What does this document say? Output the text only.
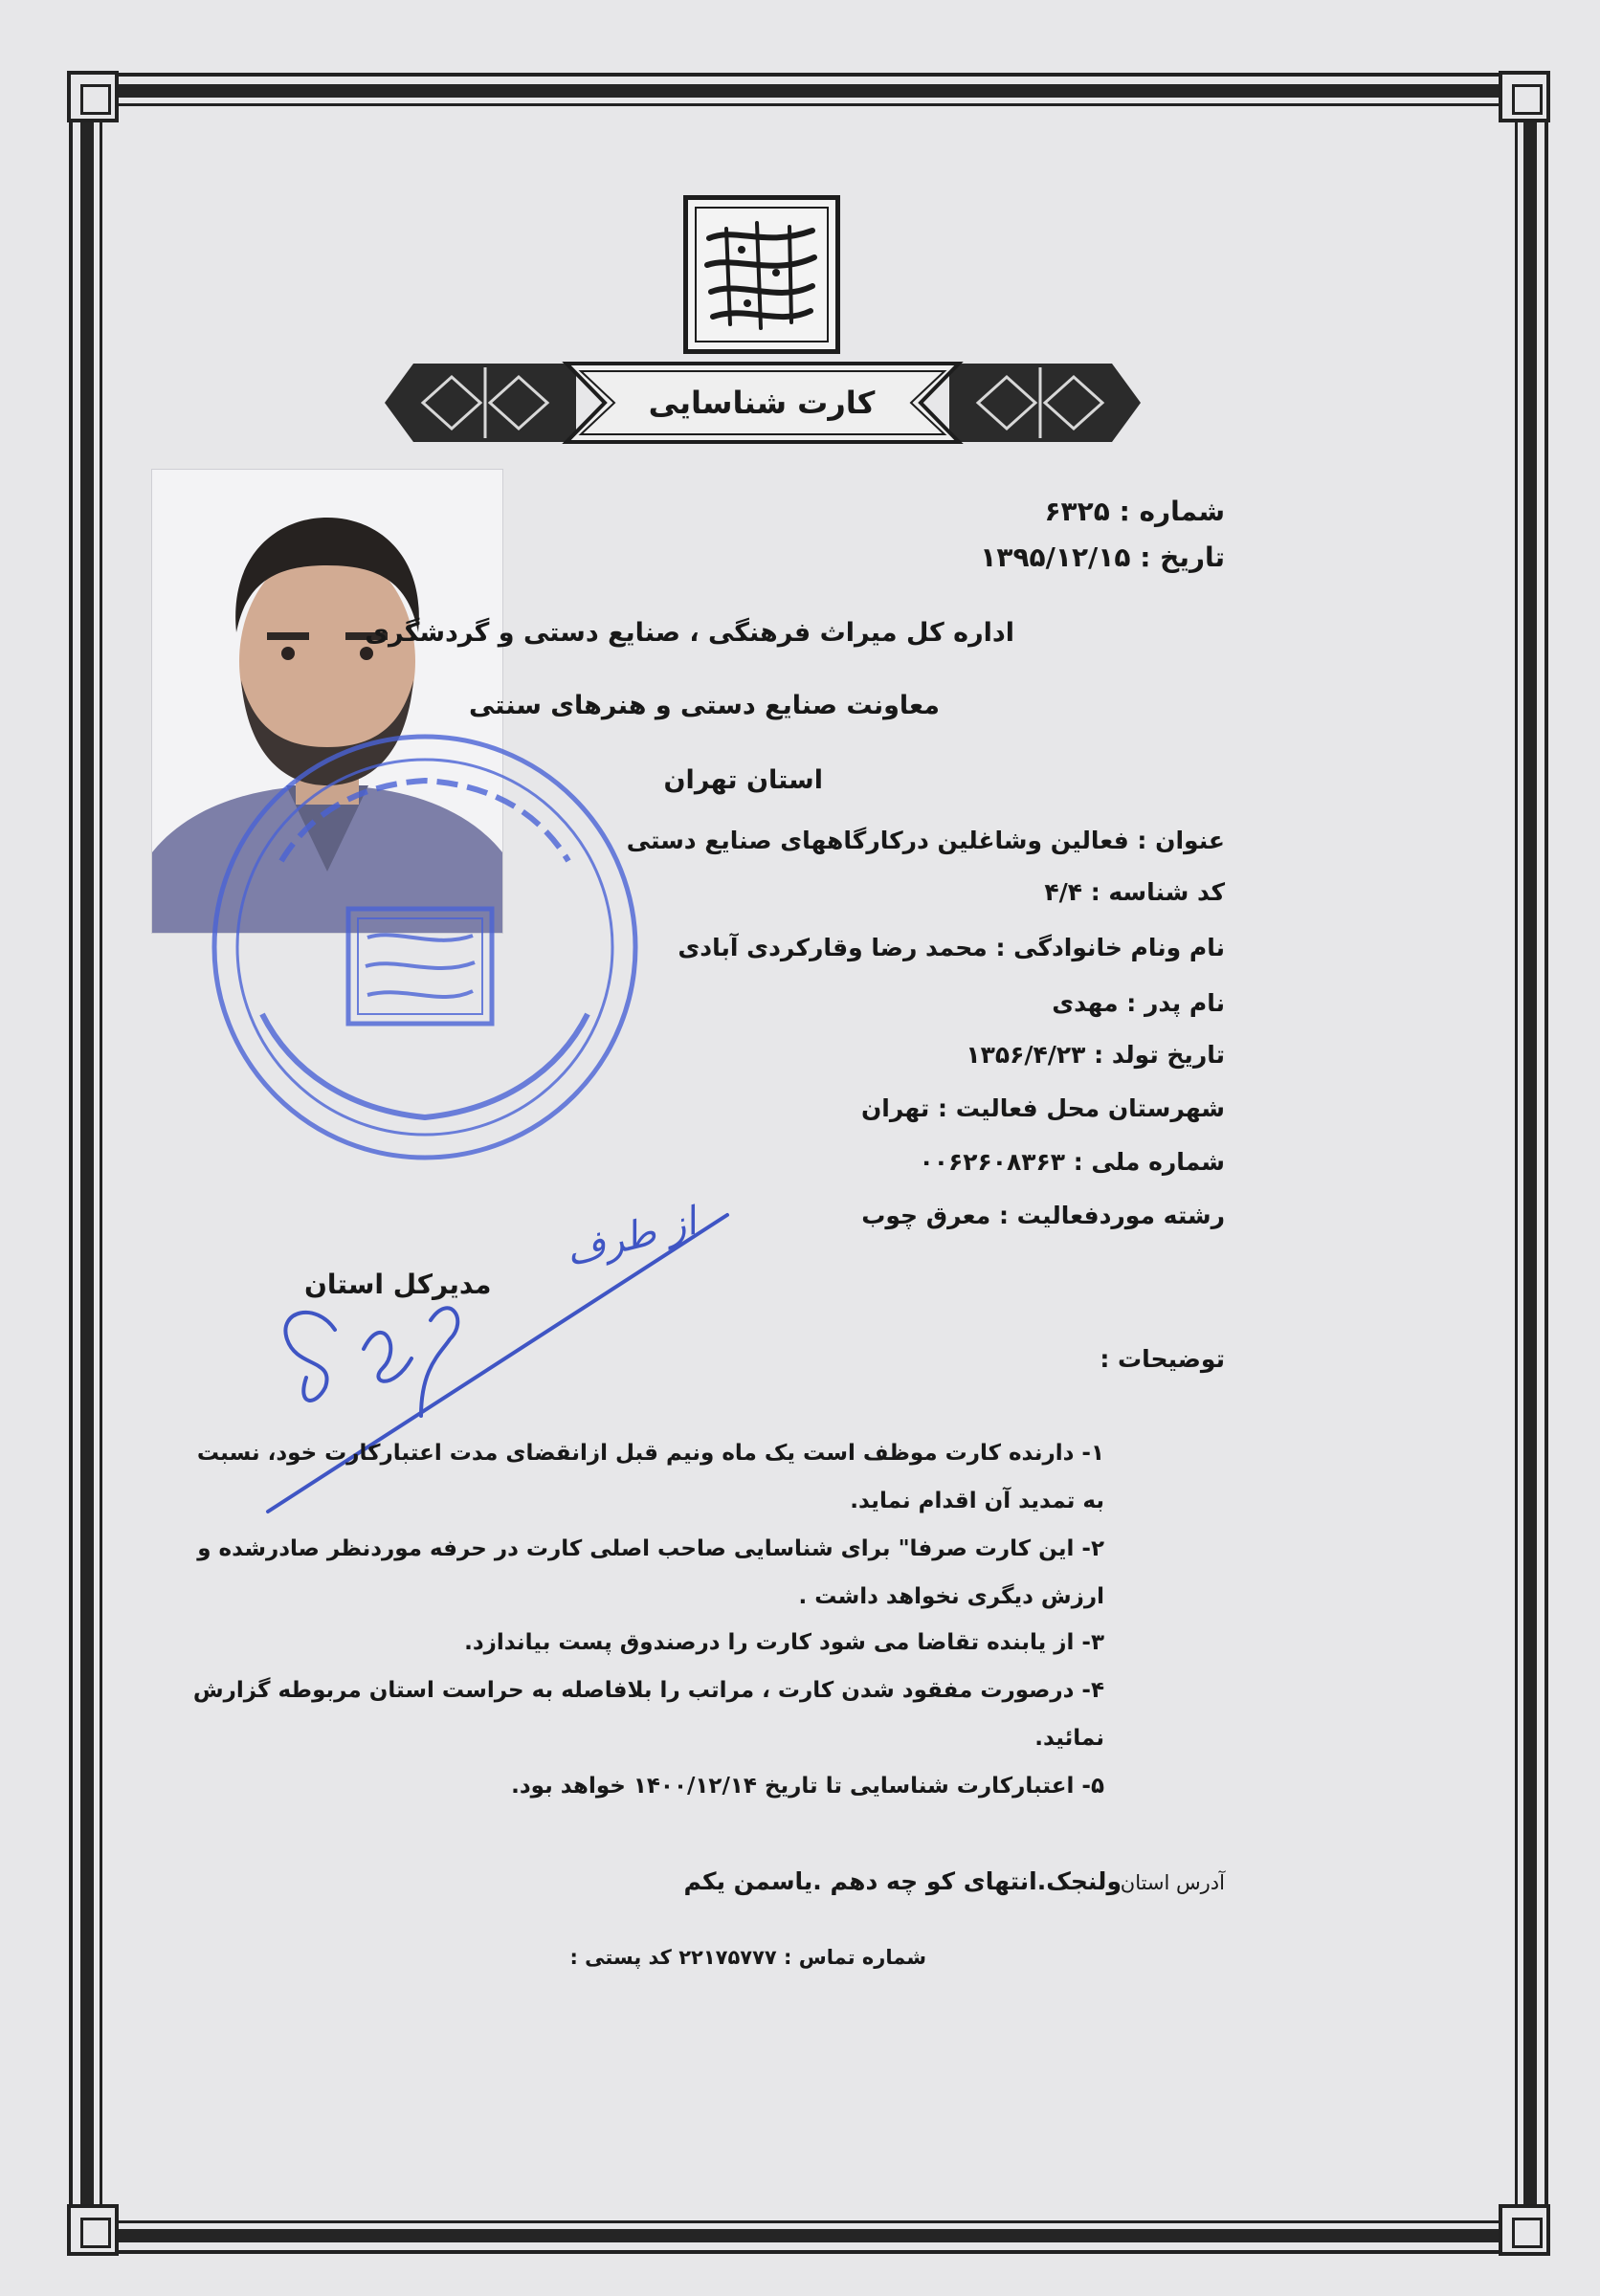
کارت شناسایی
شماره : ۶۳۲۵
تاریخ : ۱۳۹۵/۱۲/۱۵
اداره کل میراث فرهنگی ، صنایع دستی و گردشگری
معاونت صنایع دستی و هنرهای سنتی
استان تهران
عنوان : فعالین وشاغلین درکارگاههای صنایع دستی
کد شناسه : ۴/۴
نام ونام خانوادگی : محمد رضا وقارکردی آبادی
نام پدر : مهدی
تاریخ تولد : ۱۳۵۶/۴/۲۳
شهرستان محل فعالیت : تهران
شماره ملی : ۰۰۶۲۶۰۸۳۶۳
رشته موردفعالیت : معرق چوب
مدیرکل استان
از طرف
توضیحات :
۱- دارنده کارت موظف است یک ماه ونیم قبل ازانقضای مدت اعتبارکارت خود، نسبت
به تمدید آن اقدام نماید.
۲- این کارت صرفا" برای شناسایی صاحب اصلی کارت در حرفه موردنظر صادرشده و
ارزش دیگری نخواهد داشت .
۳- از یابنده تقاضا می شود کارت را درصندوق پست بیاندازد.
۴- درصورت مفقود شدن کارت ، مراتب را بلافاصله به حراست استان مربوطه گزارش
نمائید.
۵- اعتبارکارت شناسایی تا تاریخ ۱۴۰۰/۱۲/۱۴ خواهد بود.
آدرس استان
ولنجک.انتهای کو چه دهم .یاسمن یکم
شماره تماس : ۲۲۱۷۵۷۷۷ کد پستی :
